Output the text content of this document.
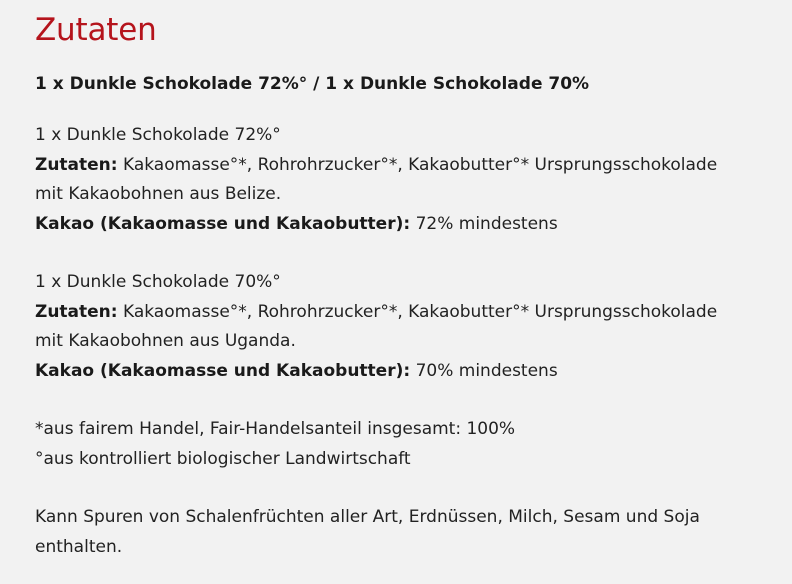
Zutaten
1 x Dunkle Schokolade 72%° / 1 x Dunkle Schokolade 70%

1 x Dunkle Schokolade 72%°

Zutaten: Kakaomasse°*, Rohrohrzucker°*, Kakaobutter°* Ursprungsschokolade

mit Kakaobohnen aus Belize.

Kakao (Kakaomasse und Kakaobutter): 72% mindestens

1 x Dunkle Schokolade 70%°

Zutaten: Kakaomasse°*, Rohrohrzucker°*, Kakaobutter°* Ursprungsschokolade

mit Kakaobohnen aus Uganda.

Kakao (Kakaomasse und Kakaobutter): 70% mindestens

*aus fairem Handel, Fair-Handelsanteil insgesamt: 100%

°aus kontrolliert biologischer Landwirtschaft

Kann Spuren von Schalenfrüchten aller Art, Erdnüssen, Milch, Sesam und Soja

enthalten.
